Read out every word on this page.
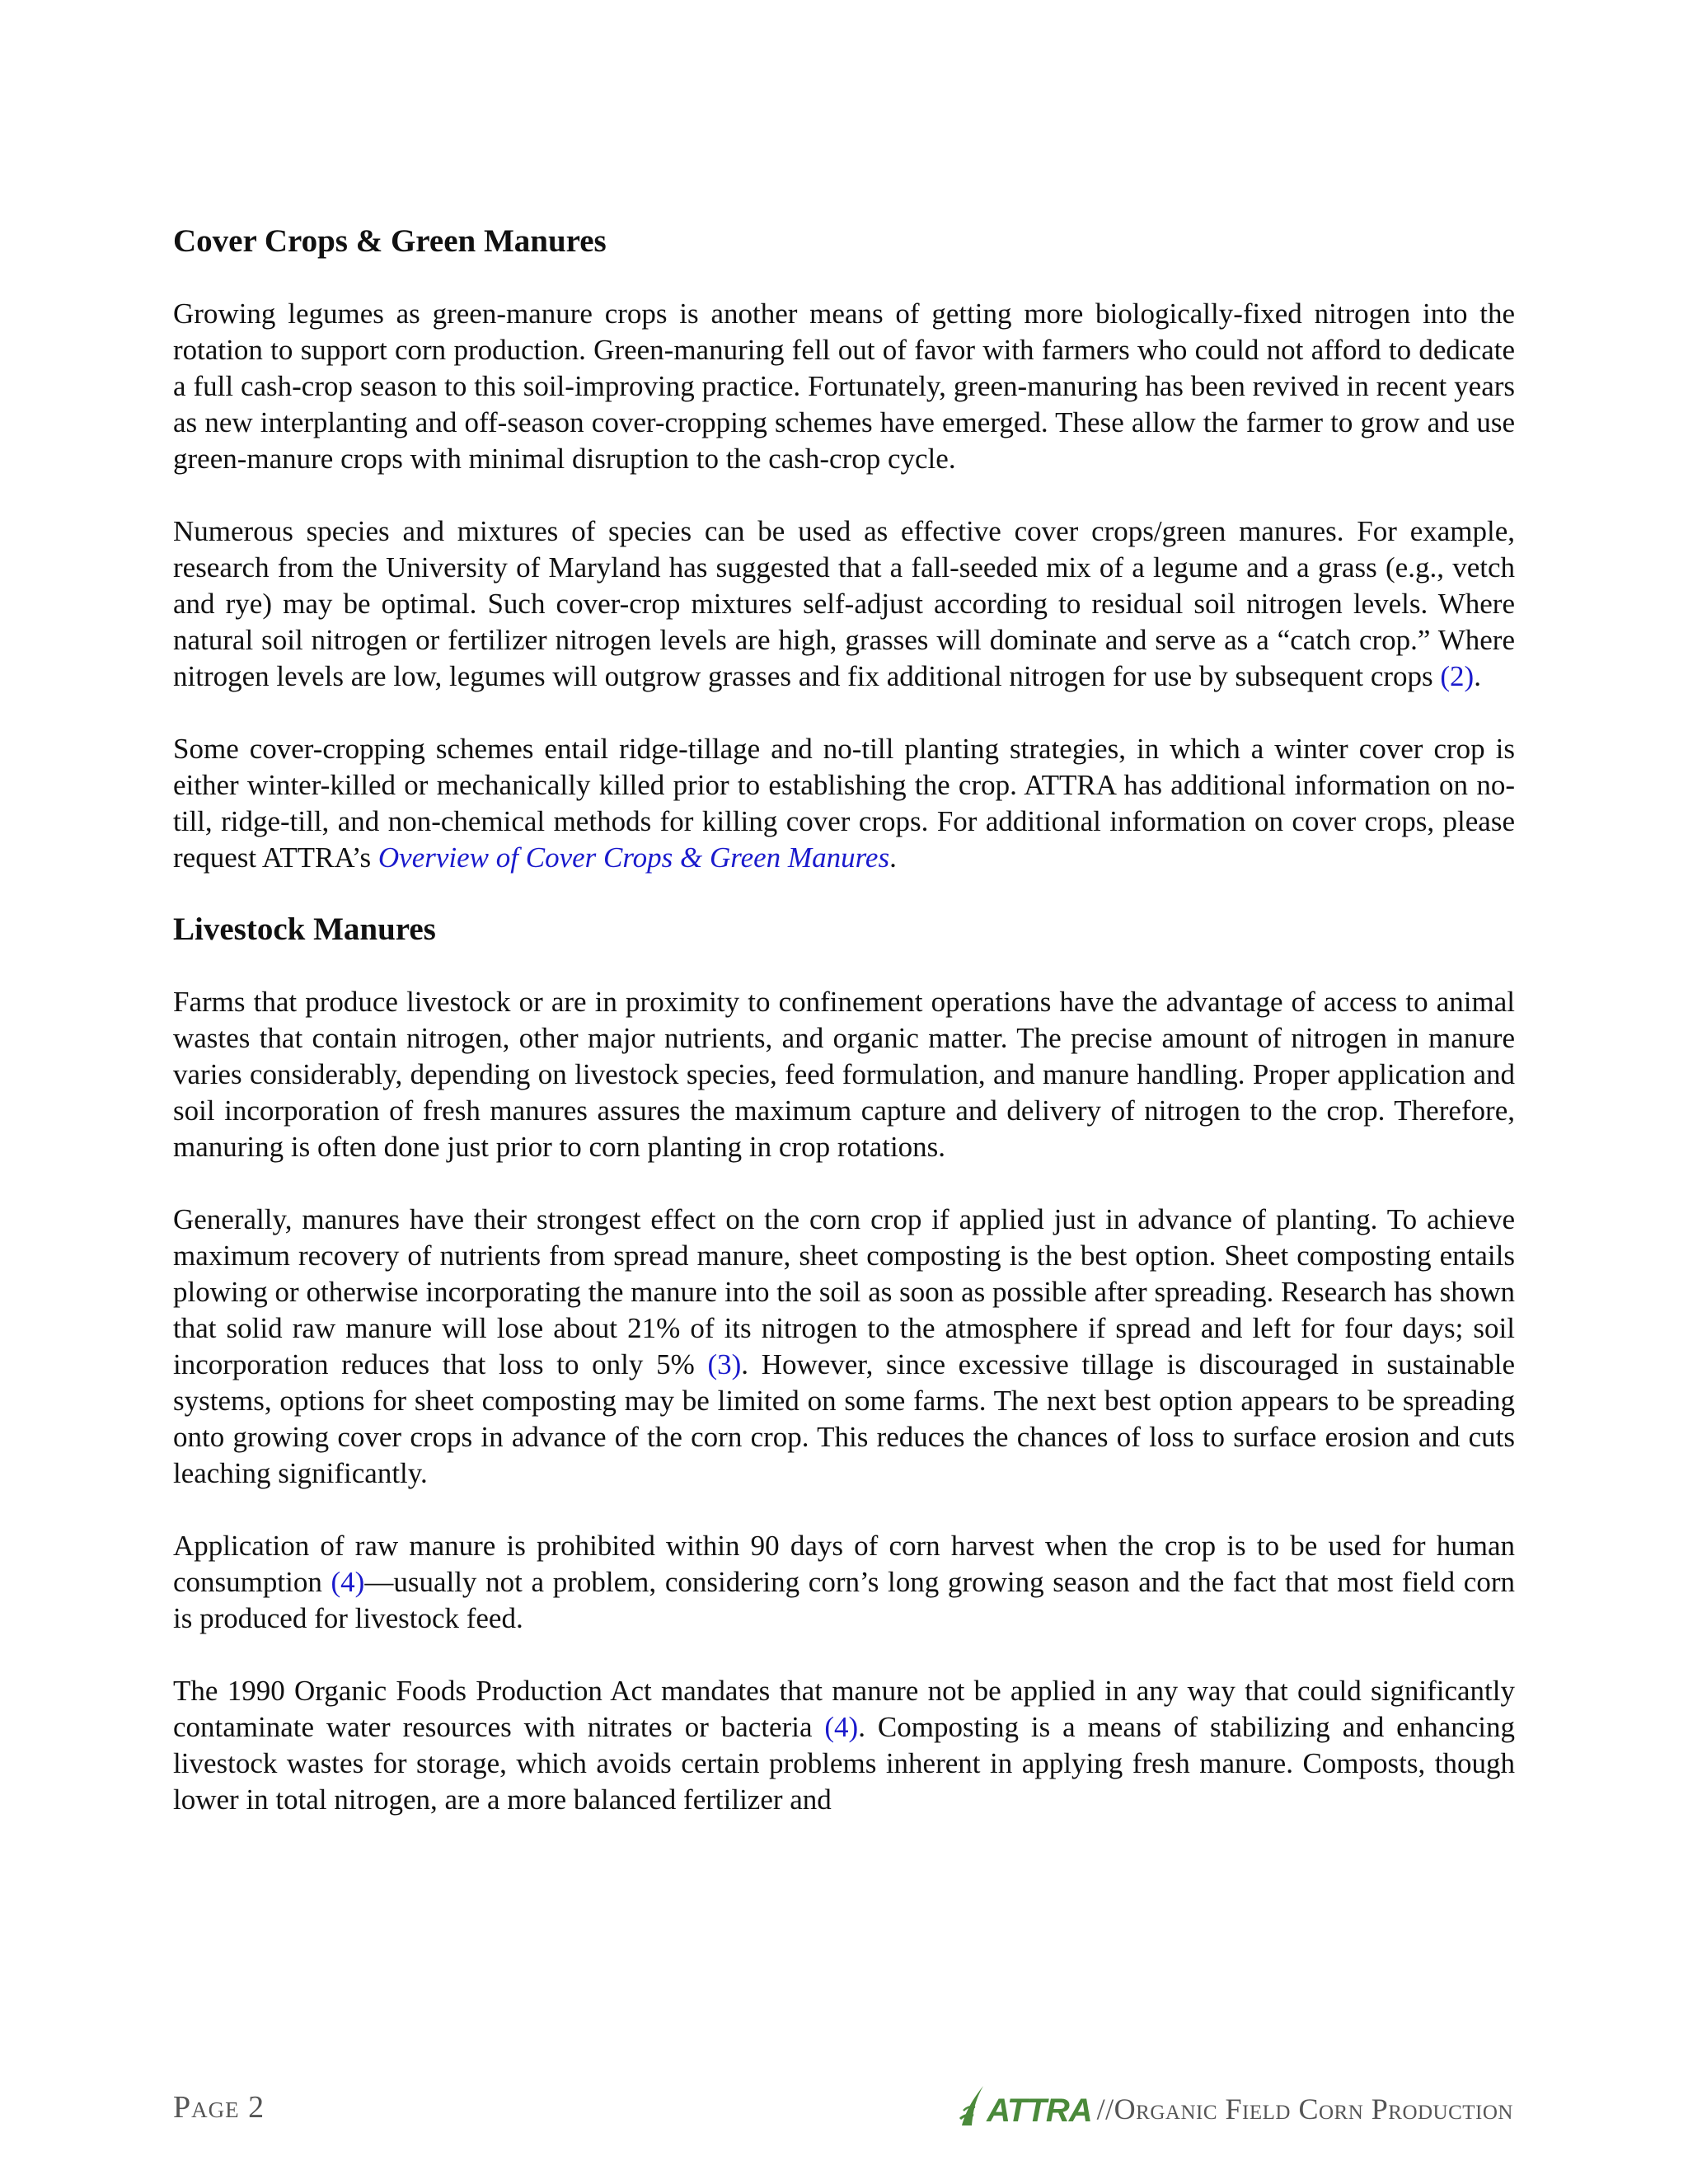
Cover Crops & Green Manures

Growing legumes as green-manure crops is another means of getting more biologically-fixed nitrogen into the rotation to support corn production. Green-manuring fell out of favor with farmers who could not afford to dedicate a full cash-crop season to this soil-improving practice. Fortunately, green-manuring has been revived in recent years as new interplanting and off-season cover-cropping schemes have emerged. These allow the farmer to grow and use green-manure crops with minimal disruption to the cash-crop cycle.

Numerous species and mixtures of species can be used as effective cover crops/green manures. For example, research from the University of Maryland has suggested that a fall-seeded mix of a legume and a grass (e.g., vetch and rye) may be optimal. Such cover-crop mixtures self-adjust according to residual soil nitrogen levels. Where natural soil nitrogen or fertilizer nitrogen levels are high, grasses will dominate and serve as a “catch crop.” Where nitrogen levels are low, legumes will outgrow grasses and fix additional nitrogen for use by subsequent crops (2).

Some cover-cropping schemes entail ridge-tillage and no-till planting strategies, in which a winter cover crop is either winter-killed or mechanically killed prior to establishing the crop. ATTRA has additional information on no-till, ridge-till, and non-chemical methods for killing cover crops. For additional information on cover crops, please request ATTRA’s Overview of Cover Crops & Green Manures.

Livestock Manures

Farms that produce livestock or are in proximity to confinement operations have the advantage of access to animal wastes that contain nitrogen, other major nutrients, and organic matter. The precise amount of nitrogen in manure varies considerably, depending on livestock species, feed formulation, and manure handling. Proper application and soil incorporation of fresh manures assures the maximum capture and delivery of nitrogen to the crop. Therefore, manuring is often done just prior to corn planting in crop rotations.

Generally, manures have their strongest effect on the corn crop if applied just in advance of planting. To achieve maximum recovery of nutrients from spread manure, sheet composting is the best option. Sheet composting entails plowing or otherwise incorporating the manure into the soil as soon as possible after spreading. Research has shown that solid raw manure will lose about 21% of its nitrogen to the atmosphere if spread and left for four days; soil incorporation reduces that loss to only 5% (3). However, since excessive tillage is discouraged in sustainable systems, options for sheet composting may be limited on some farms. The next best option appears to be spreading onto growing cover crops in advance of the corn crop. This reduces the chances of loss to surface erosion and cuts leaching significantly.

Application of raw manure is prohibited within 90 days of corn harvest when the crop is to be used for human consumption (4)—usually not a problem, considering corn’s long growing season and the fact that most field corn is produced for livestock feed.

The 1990 Organic Foods Production Act mandates that manure not be applied in any way that could significantly contaminate water resources with nitrates or bacteria (4). Composting is a means of stabilizing and enhancing livestock wastes for storage, which avoids certain problems inherent in applying fresh manure. Composts, though lower in total nitrogen, are a more balanced fertilizer and

Page 2	ATTRA //Organic Field Corn Production
